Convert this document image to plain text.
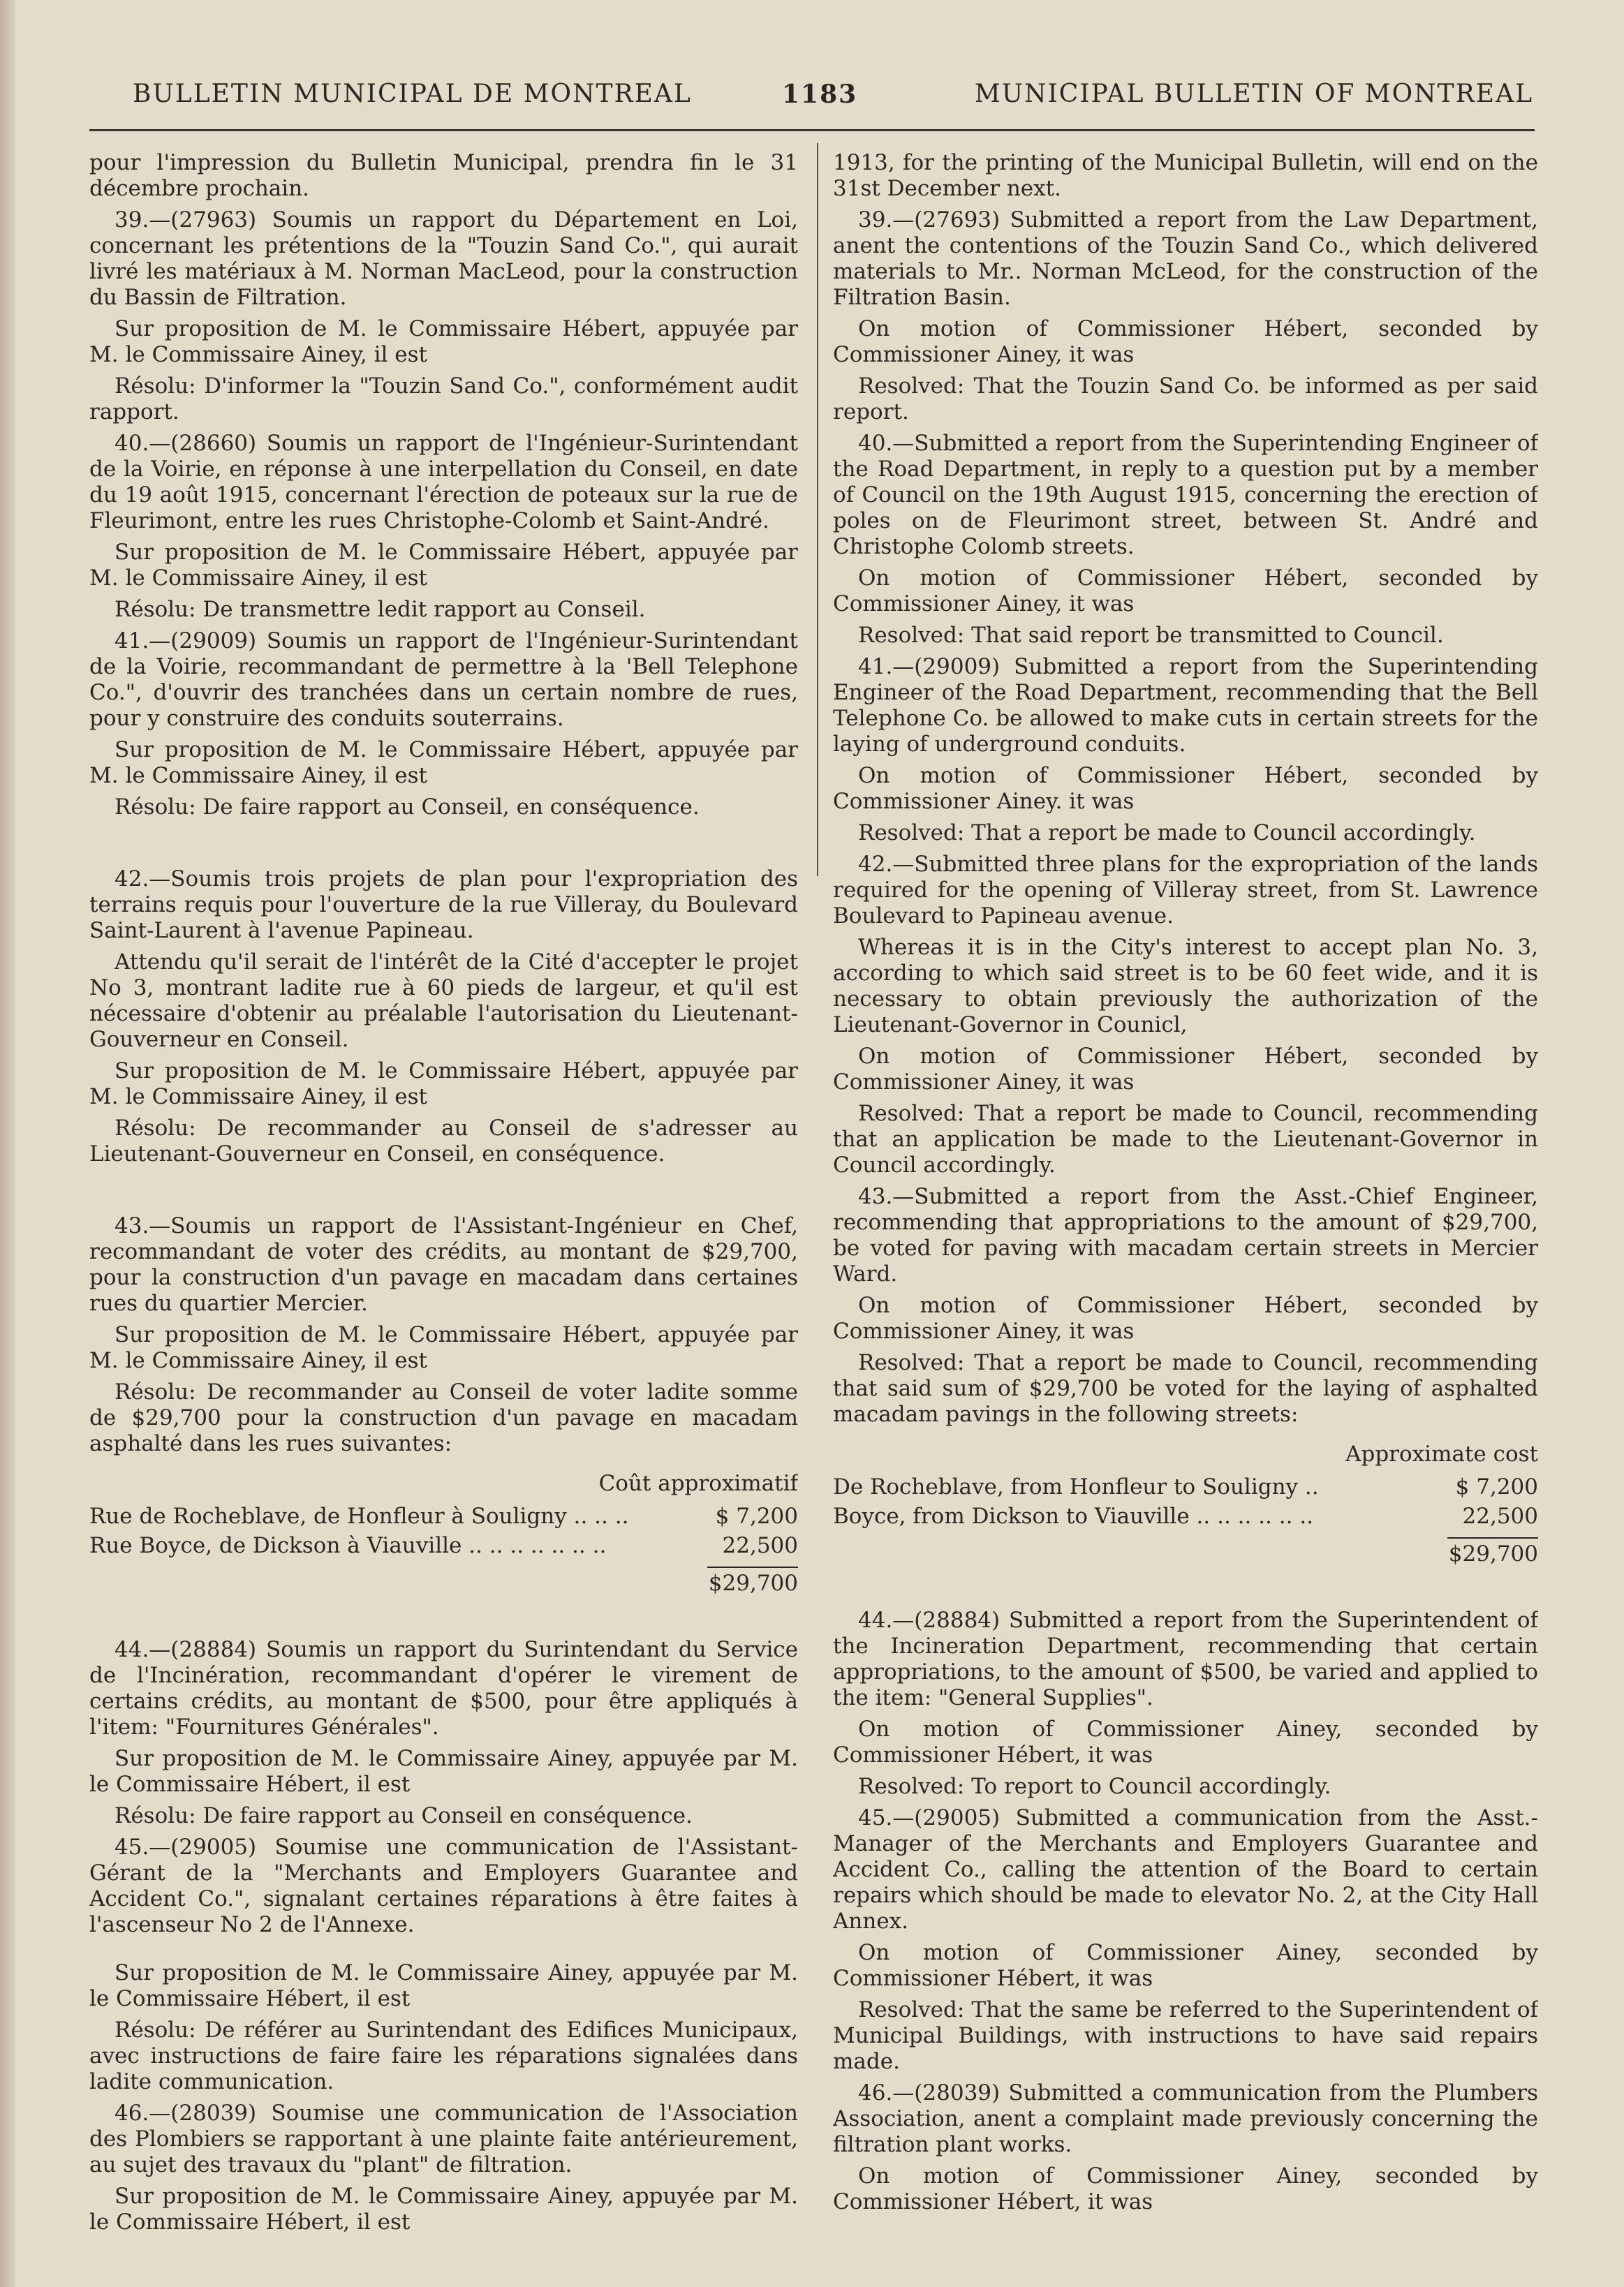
BULLETIN MUNICIPAL DE MONTREAL	1183	MUNICIPAL BULLETIN OF MONTREAL

pour l'impression du Bulletin Municipal, prendra fin le 31 décembre prochain.

39.—(27963) Soumis un rapport du Département en Loi, concernant les prétentions de la "Touzin Sand Co.", qui aurait livré les matériaux à M. Norman MacLeod, pour la construction du Bassin de Filtration.

Sur proposition de M. le Commissaire Hébert, appuyée par M. le Commissaire Ainey, il est

Résolu: D'informer la "Touzin Sand Co.", conformément audit rapport.

40.—(28660) Soumis un rapport de l'Ingénieur-Surintendant de la Voirie, en réponse à une interpellation du Conseil, en date du 19 août 1915, concernant l'érection de poteaux sur la rue de Fleurimont, entre les rues Christophe-Colomb et Saint-André.

Sur proposition de M. le Commissaire Hébert, appuyée par M. le Commissaire Ainey, il est

Résolu: De transmettre ledit rapport au Conseil.

41.—(29009) Soumis un rapport de l'Ingénieur-Surintendant de la Voirie, recommandant de permettre à la 'Bell Telephone Co.", d'ouvrir des tranchées dans un certain nombre de rues, pour y construire des conduits souterrains.

Sur proposition de M. le Commissaire Hébert, appuyée par M. le Commissaire Ainey, il est

Résolu: De faire rapport au Conseil, en conséquence.

42.—Soumis trois projets de plan pour l'expropriation des terrains requis pour l'ouverture de la rue Villeray, du Boulevard Saint-Laurent à l'avenue Papineau.

Attendu qu'il serait de l'intérêt de la Cité d'accepter le projet No 3, montrant ladite rue à 60 pieds de largeur, et qu'il est nécessaire d'obtenir au préalable l'autorisation du Lieutenant-Gouverneur en Conseil.

Sur proposition de M. le Commissaire Hébert, appuyée par M. le Commissaire Ainey, il est

Résolu: De recommander au Conseil de s'adresser au Lieutenant-Gouverneur en Conseil, en conséquence.

43.—Soumis un rapport de l'Assistant-Ingénieur en Chef, recommandant de voter des crédits, au montant de $29,700, pour la construction d'un pavage en macadam dans certaines rues du quartier Mercier.

Sur proposition de M. le Commissaire Hébert, appuyée par M. le Commissaire Ainey, il est

Résolu: De recommander au Conseil de voter ladite somme de $29,700 pour la construction d'un pavage en macadam asphalté dans les rues suivantes:

Coût approximatif
Rue de Rocheblave, de Honfleur à Souligny .. .. ..	$ 7,200
Rue Boyce, de Dickson à Viauville .. .. .. .. .. .. ..	22,500
$29,700

44.—(28884) Soumis un rapport du Surintendant du Service de l'Incinération, recommandant d'opérer le virement de certains crédits, au montant de $500, pour être appliqués à l'item: "Fournitures Générales".

Sur proposition de M. le Commissaire Ainey, appuyée par M. le Commissaire Hébert, il est

Résolu: De faire rapport au Conseil en conséquence.

45.—(29005) Soumise une communication de l'Assistant-Gérant de la "Merchants and Employers Guarantee and Accident Co.", signalant certaines réparations à être faites à l'ascenseur No 2 de l'Annexe.

Sur proposition de M. le Commissaire Ainey, appuyée par M. le Commissaire Hébert, il est

Résolu: De référer au Surintendant des Edifices Municipaux, avec instructions de faire faire les réparations signalées dans ladite communication.

46.—(28039) Soumise une communication de l'Association des Plombiers se rapportant à une plainte faite antérieurement, au sujet des travaux du "plant" de filtration.

Sur proposition de M. le Commissaire Ainey, appuyée par M. le Commissaire Hébert, il est

1913, for the printing of the Municipal Bulletin, will end on the 31st December next.

39.—(27693) Submitted a report from the Law Department, anent the contentions of the Touzin Sand Co., which delivered materials to Mr.. Norman McLeod, for the construction of the Filtration Basin.

On motion of Commissioner Hébert, seconded by Commissioner Ainey, it was

Resolved: That the Touzin Sand Co. be informed as per said report.

40.—Submitted a report from the Superintending Engineer of the Road Department, in reply to a question put by a member of Council on the 19th August 1915, concerning the erection of poles on de Fleurimont street, between St. André and Christophe Colomb streets.

On motion of Commissioner Hébert, seconded by Commissioner Ainey, it was

Resolved: That said report be transmitted to Council.

41.—(29009) Submitted a report from the Superintending Engineer of the Road Department, recommending that the Bell Telephone Co. be allowed to make cuts in certain streets for the laying of underground conduits.

On motion of Commissioner Hébert, seconded by Commissioner Ainey. it was

Resolved: That a report be made to Council accordingly.

42.—Submitted three plans for the expropriation of the lands required for the opening of Villeray street, from St. Lawrence Boulevard to Papineau avenue.

Whereas it is in the City's interest to accept plan No. 3, according to which said street is to be 60 feet wide, and it is necessary to obtain previously the authorization of the Lieutenant-Governor in Counicl,

On motion of Commissioner Hébert, seconded by Commissioner Ainey, it was

Resolved: That a report be made to Council, recommending that an application be made to the Lieutenant-Governor in Council accordingly.

43.—Submitted a report from the Asst.-Chief Engineer, recommending that appropriations to the amount of $29,700, be voted for paving with macadam certain streets in Mercier Ward.

On motion of Commissioner Hébert, seconded by Commissioner Ainey, it was

Resolved: That a report be made to Council, recommending that said sum of $29,700 be voted for the laying of asphalted macadam pavings in the following streets:

Approximate cost
De Rocheblave, from Honfleur to Souligny ..	$ 7,200
Boyce, from Dickson to Viauville .. .. .. .. .. ..	22,500
$29,700

44.—(28884) Submitted a report from the Superintendent of the Incineration Department, recommending that certain appropriations, to the amount of $500, be varied and applied to the item: "General Supplies".

On motion of Commissioner Ainey, seconded by Commissioner Hébert, it was

Resolved: To report to Council accordingly.

45.—(29005) Submitted a communication from the Asst.-Manager of the Merchants and Employers Guarantee and Accident Co., calling the attention of the Board to certain repairs which should be made to elevator No. 2, at the City Hall Annex.

On motion of Commissioner Ainey, seconded by Commissioner Hébert, it was

Resolved: That the same be referred to the Superintendent of Municipal Buildings, with instructions to have said repairs made.

46.—(28039) Submitted a communication from the Plumbers Association, anent a complaint made previously concerning the filtration plant works.

On motion of Commissioner Ainey, seconded by Commissioner Hébert, it was
